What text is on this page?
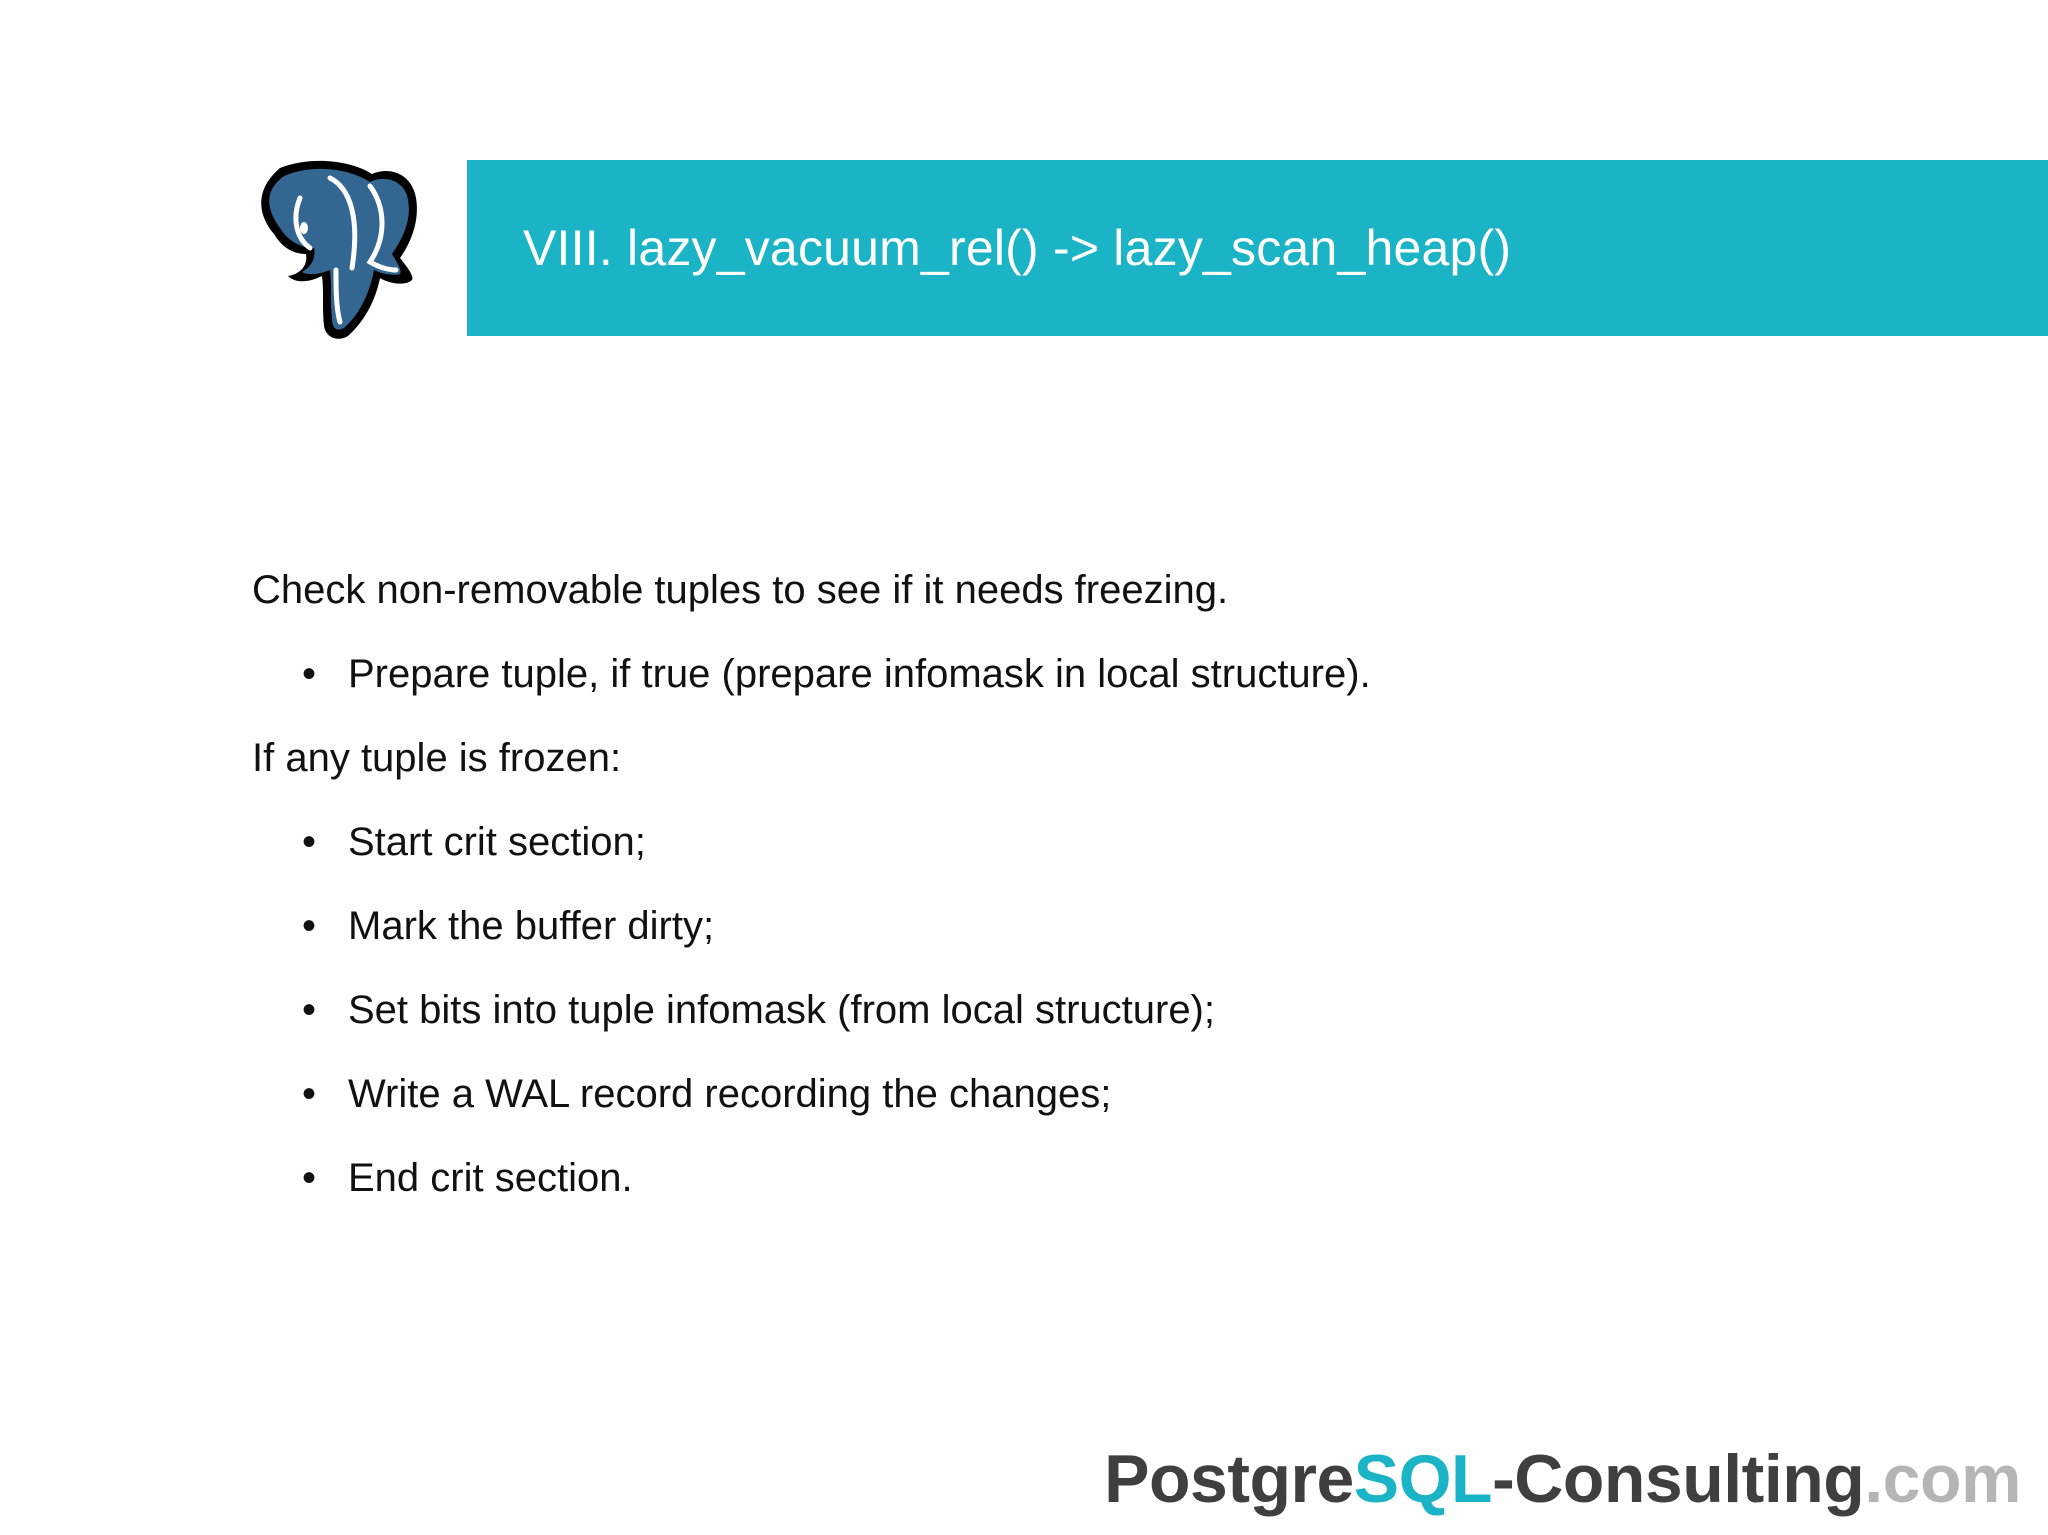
VIII. lazy_vacuum_rel() -> lazy_scan_heap()
Check non-removable tuples to see if it needs freezing.
• Prepare tuple, if true (prepare infomask in local structure).
If any tuple is frozen:
• Start crit section;
• Mark the buffer dirty;
• Set bits into tuple infomask (from local structure);
• Write a WAL record recording the changes;
• End crit section.
PostgreSQL-Consulting.com
